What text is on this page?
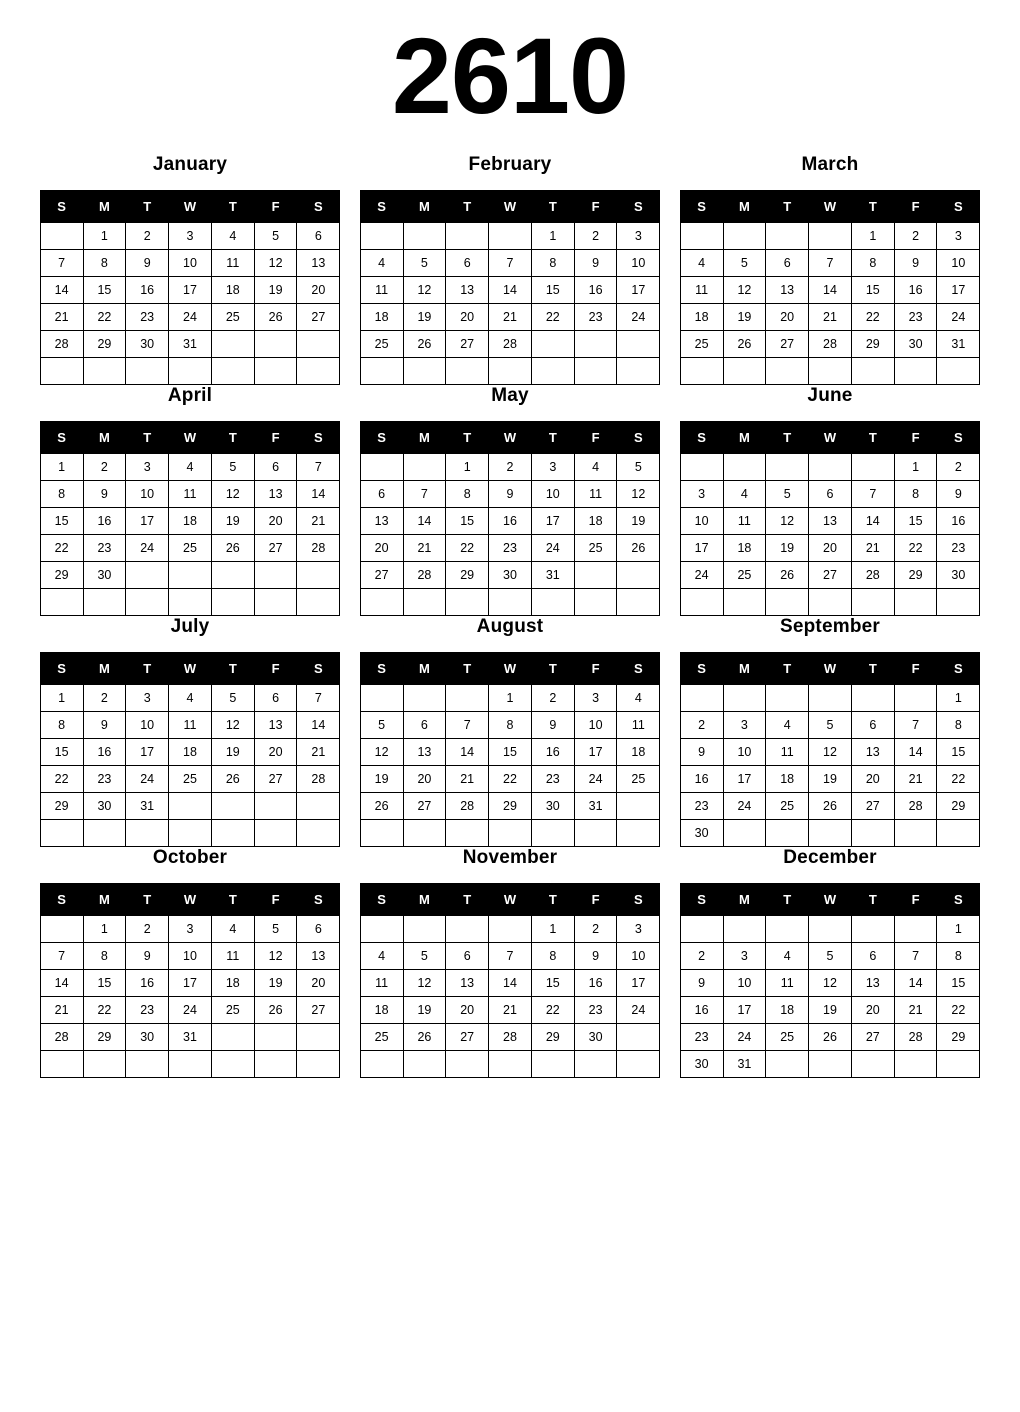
2610
January
S	M	T	W	T	F	S
	1	2	3	4	5	6
7	8	9	10	11	12	13
14	15	16	17	18	19	20
21	22	23	24	25	26	27
28	29	30	31			

February
S	M	T	W	T	F	S
				1	2	3
4	5	6	7	8	9	10
11	12	13	14	15	16	17
18	19	20	21	22	23	24
25	26	27	28			

March
S	M	T	W	T	F	S
				1	2	3
4	5	6	7	8	9	10
11	12	13	14	15	16	17
18	19	20	21	22	23	24
25	26	27	28	29	30	31

April
S	M	T	W	T	F	S
1	2	3	4	5	6	7
8	9	10	11	12	13	14
15	16	17	18	19	20	21
22	23	24	25	26	27	28
29	30					

May
S	M	T	W	T	F	S
		1	2	3	4	5
6	7	8	9	10	11	12
13	14	15	16	17	18	19
20	21	22	23	24	25	26
27	28	29	30	31		

June
S	M	T	W	T	F	S
					1	2
3	4	5	6	7	8	9
10	11	12	13	14	15	16
17	18	19	20	21	22	23
24	25	26	27	28	29	30

July
S	M	T	W	T	F	S
1	2	3	4	5	6	7
8	9	10	11	12	13	14
15	16	17	18	19	20	21
22	23	24	25	26	27	28
29	30	31				

August
S	M	T	W	T	F	S
			1	2	3	4
5	6	7	8	9	10	11
12	13	14	15	16	17	18
19	20	21	22	23	24	25
26	27	28	29	30	31	

September
S	M	T	W	T	F	S
						1
2	3	4	5	6	7	8
9	10	11	12	13	14	15
16	17	18	19	20	21	22
23	24	25	26	27	28	29
30						
October
S	M	T	W	T	F	S
	1	2	3	4	5	6
7	8	9	10	11	12	13
14	15	16	17	18	19	20
21	22	23	24	25	26	27
28	29	30	31			

November
S	M	T	W	T	F	S
				1	2	3
4	5	6	7	8	9	10
11	12	13	14	15	16	17
18	19	20	21	22	23	24
25	26	27	28	29	30	

December
S	M	T	W	T	F	S
						1
2	3	4	5	6	7	8
9	10	11	12	13	14	15
16	17	18	19	20	21	22
23	24	25	26	27	28	29
30	31					
